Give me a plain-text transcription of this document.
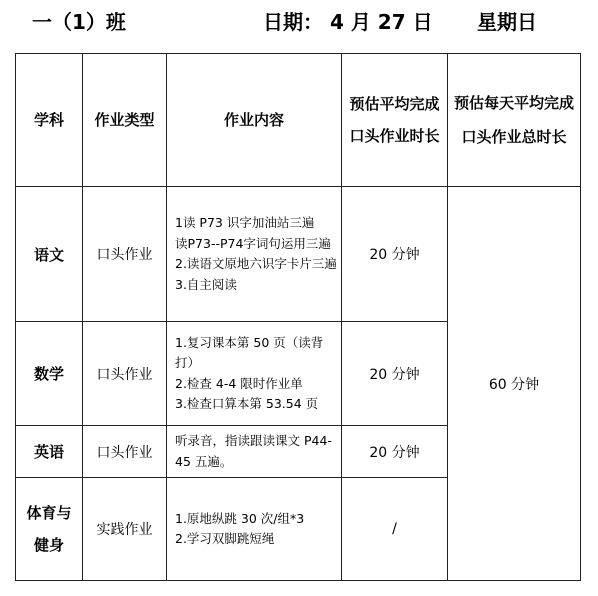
一（1）班	日期： 4 月 27 日 星期日
学科	作业类型	作业内容	预估平均完成口头作业时长	预估每天平均完成口头作业总时长

语文	口头作业	1读 P73 识字加油站三遍
读P73--P74字词句运用三遍
2.读语文原地六识字卡片三遍
3.自主阅读	20 分钟	60 分钟
数学	口头作业	1.复习课本第 50 页（读背打）
2.检查 4-4 限时作业单
3.检查口算本第 53.54 页	20 分钟	
英语	口头作业	听录音，指读跟读课文 P44-45 五遍。	20 分钟	

体育与健身	实践作业	1.原地纵跳 30 次/组*3
2.学习双脚跳短绳	/	
